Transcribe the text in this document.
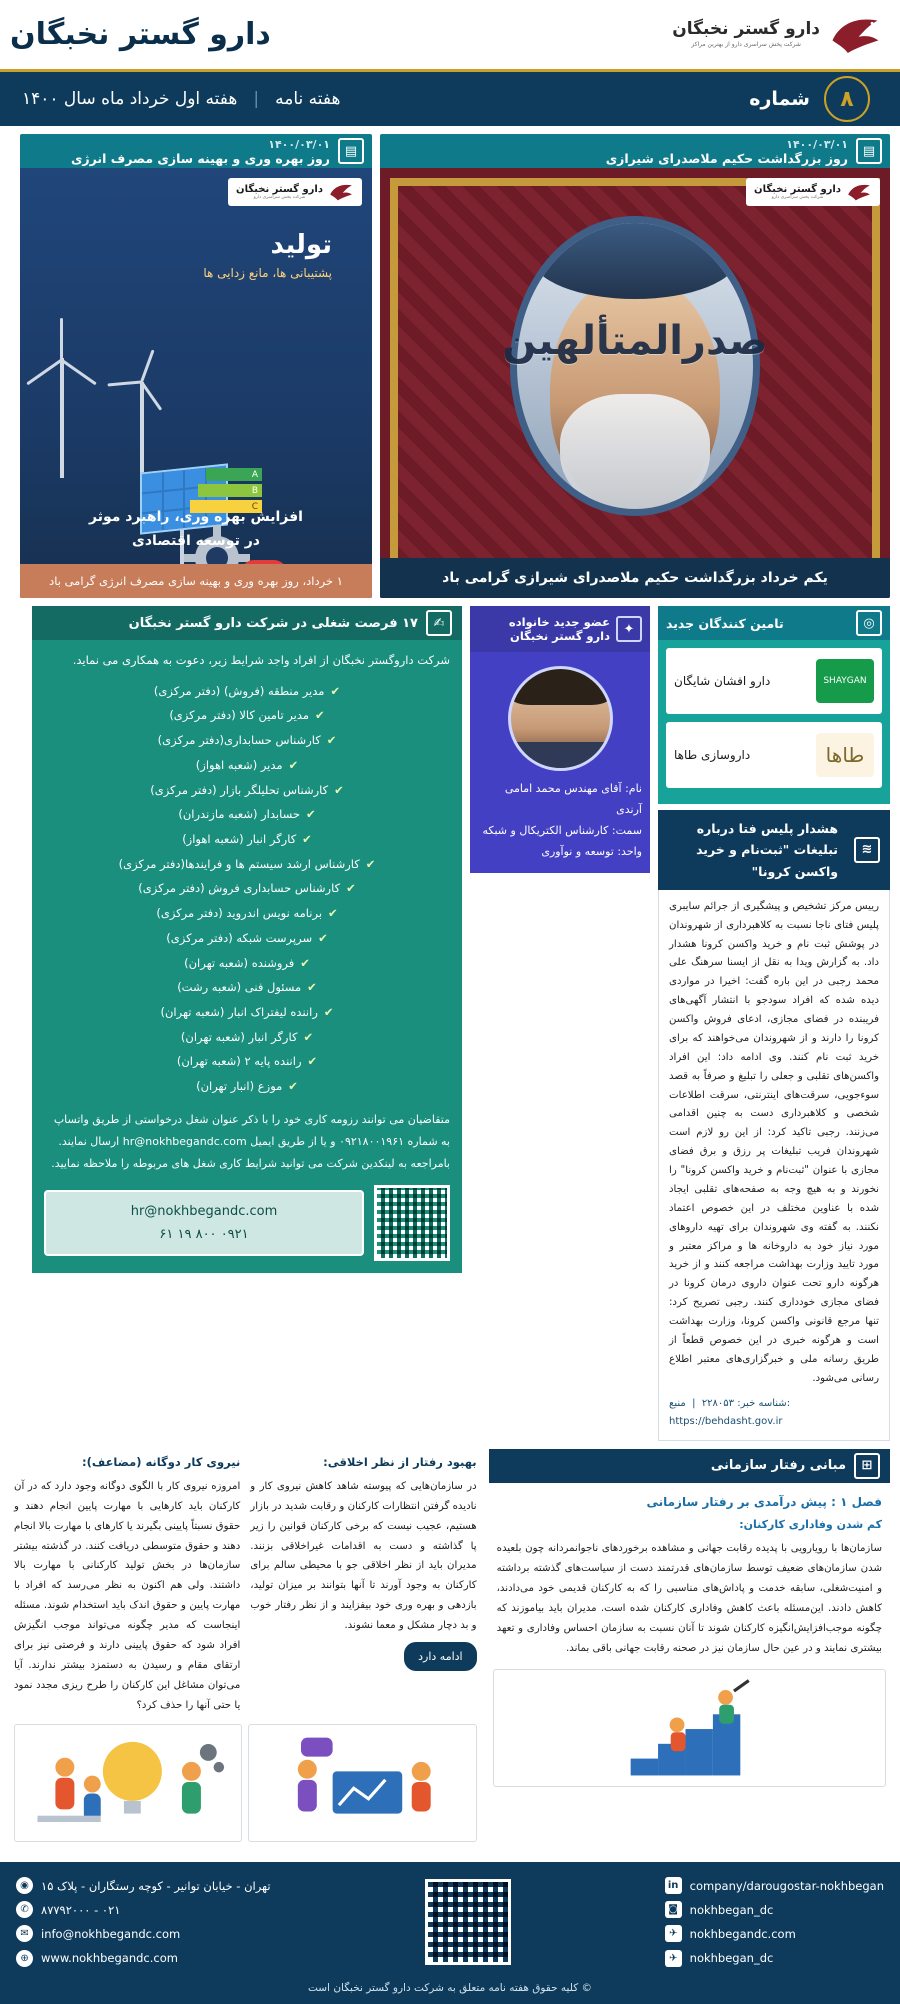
دارو گستر نخبگان
شرکت پخش سراسری دارو از بهترین مراکز
دارو گستر نخبگان
۸
شماره
هفته نامه
|
هفته اول خرداد ماه سال ۱۴۰۰
▤
۱۴۰۰/۰۳/۰۱
روز بزرگداشت حکیم ملاصدرای شیرازی
صدرالمتألهین
دارو گستر نخبگان
شرکت پخش سراسری دارو
یکم خرداد بزرگداشت حکیم ملاصدرای شیرازی گرامی باد
▤
۱۴۰۰/۰۳/۰۱
روز بهره وری و بهینه سازی مصرف انرژی
دارو گستر نخبگان
شرکت پخش سراسری دارو
تولید
پشتیبانی ها، مانع زدایی ها
A
B
C
افزایش بهره وری، راهبرد موثر
در توسعه اقتصادی
۱ خرداد، روز بهره وری و بهینه سازی مصرف انرژی گرامی باد
◎
تامین کنندگان جدید
SHAYGAN
دارو افشان شایگان
طاها
داروسازی طاها
≋
هشدار پلیس فتا درباره تبلیغات "ثبت‌نام و خرید واکسن کرونا"
رییس مرکز تشخیص و پیشگیری از جرائم سایبری پلیس فتای ناجا نسبت به کلاهبرداری از شهروندان در پوشش ثبت نام و خرید واکسن کرونا هشدار داد. به گزارش ویدا به نقل از ایسنا سرهنگ علی محمد رجبی در این باره گفت: اخیرا در مواردی دیده شده که افراد سودجو با انتشار آگهی‌های فریبنده در فضای مجازی، ادعای فروش واکسن کرونا را دارند و از شهروندان می‌خواهند که برای خرید ثبت نام کنند. وی ادامه داد: این افراد واکسن‌های تقلبی و جعلی را تبلیغ و صرفاً به قصد سوءجویی، سرقت‌های اینترنتی، سرقت اطلاعات شخصی و کلاهبرداری دست به چنین اقدامی می‌زنند. رجبی تاکید کرد: از این رو لازم است شهروندان فریب تبلیغات پر رزق و برق فضای مجازی با عنوان "ثبت‌نام و خرید واکسن کرونا" را نخورند و به هیچ وجه به صفحه‌های تقلبی ایجاد شده با عناوین مختلف در این خصوص اعتماد نکنند. به گفته وی شهروندان برای تهیه داروهای مورد نیاز خود به داروخانه ها و مراکز معتبر و مورد تایید وزارت بهداشت مراجعه کنند و از خرید هرگونه دارو تحت عنوان داروی درمان کرونا در فضای مجازی خودداری کنند. رجبی تصریح کرد: تنها مرجع قانونی واکسن کرونا، وزارت بهداشت است و هرگونه خبری در این خصوص قطعاً از طریق رسانه ملی و خبرگزاری‌های معتبر اطلاع رسانی می‌شود.
شناسه خبر: ۲۲۸۰۵۳  |  منبع: https://behdasht.gov.ir
✦
عضو جدید خانواده
دارو گستر نخبگان
نام: آقای مهندس محمد امامی آرندی
سمت: کارشناس الکتریکال و شبکه
واحد: توسعه و نوآوری
✍
۱۷ فرصت شغلی در شرکت دارو گستر نخبگان
شرکت داروگستر نخبگان از افراد واجد شرایط زیر، دعوت به همکاری می نماید.
✔
مدیر منطقه (فروش) (دفتر مرکزی)
✔
مدیر تامین کالا (دفتر مرکزی)
✔
کارشناس حسابداری(دفتر مرکزی)
✔
مدیر (شعبه اهواز)
✔
کارشناس تحلیلگر بازار (دفتر مرکزی)
✔
حسابدار (شعبه مازندران)
✔
کارگر انبار (شعبه اهواز)
✔
کارشناس ارشد سیستم ها و فرایندها(دفتر مرکزی)
✔
کارشناس حسابداری فروش (دفتر مرکزی)
✔
برنامه نویس اندروید (دفتر مرکزی)
✔
سرپرست شبکه (دفتر مرکزی)
✔
فروشنده (شعبه تهران)
✔
مسئول فنی (شعبه رشت)
✔
راننده لیفتراک انبار (شعبه تهران)
✔
کارگر انبار (شعبه تهران)
✔
راننده پایه ۲ (شعبه تهران)
✔
موزع (انبار تهران)
متقاضیان می توانند رزومه کاری خود را با ذکر عنوان شغل درخواستی از طریق واتساپ به شماره ۰۹۲۱۸۰۰۱۹۶۱ و یا از طریق ایمیل hr@nokhbegandc.com ارسال نمایند. بامراجعه به لینکدین شرکت می توانید شرایط کاری شغل های مربوطه را ملاحظه نمایید.
hr@nokhbegandc.com
۰۹۲۱ ۸۰۰ ۱۹ ۶۱
⊞
مبانی رفتار سازمانی
فصل ۱ : پیش درآمدی بر رفتار سازمانی
کم شدن وفاداری کارکنان:
سازمان‌ها با رویارویی با پدیده رقابت جهانی و مشاهده برخوردهای ناجوانمردانه چون بلعیده شدن سازمان‌های ضعیف توسط سازمان‌های قدرتمند دست از سیاست‌های گذشته برداشته و امنیت‌شغلی، سابقه خدمت و پاداش‌های مناسبی را که به کارکنان قدیمی خود می‌دادند، کاهش دادند. این‌مسئله باعث کاهش وفاداری کارکنان شده است. مدیران باید بیاموزند که چگونه موجب‌افزایش‌انگیزه کارکنان شوند تا آنان نسبت به سازمان احساس وفاداری و تعهد بیشتری نمایند و در عین حال سازمان نیز در صحنه رقابت جهانی باقی بماند.
بهبود رفتار از نظر اخلاقی:
در سازمان‌هایی که پیوسته شاهد کاهش نیروی کار و نادیده گرفتن انتظارات کارکنان و رقابت شدید در بازار هستیم، عجیب نیست که برخی کارکنان قوانین را زیر پا گذاشته و دست به اقدامات غیراخلاقی بزنند. مدیران باید از نظر اخلاقی جو با محیطی سالم برای کارکنان به وجود آورند تا آنها بتوانند بر میزان تولید، بازدهی و بهره وری خود بیفزایند و از نظر رفتار خوب و بد دچار مشکل و معما نشوند.
ادامه دارد
نیروی کار دوگانه (مضاعف):
امروزه نیروی کار با الگوی دوگانه وجود دارد که در آن کارکنان باید کارهایی با مهارت پایین انجام دهند و حقوق نسبتاً پایینی بگیرند یا کارهای با مهارت بالا انجام دهند و حقوق متوسطی دریافت کنند. در گذشته بیشتر سازمان‌ها در بخش تولید کارکنانی با مهارت بالا داشتند. ولی هم اکنون به نظر می‌رسد که افراد با مهارت پایین و حقوق اندک باید استخدام شوند. مسئله اینجاست که مدیر چگونه می‌تواند موجب انگیزش افراد شود که حقوق پایینی دارند و فرصتی نیز برای ارتقای مقام و رسیدن به دستمزد بیشتر ندارند. آیا می‌توان مشاغل این کارکنان را طرح ریزی مجدد نمود یا حتی آنها را حذف کرد؟
in company/darougostar-nokhbegan
◙	nokhbegan_dc
✈	nokhbegandc.com
✈	nokhbegan_dc
تهران - خیابان توانیر - کوچه رستگاران - پلاک ۱۵
◉
۰۲۱ - ۸۷۷۹۲۰۰۰
✆
info@nokhbegandc.com
✉
www.nokhbegandc.com
⊕
© کلیه حقوق هفته نامه متعلق به شرکت دارو گستر نخبگان است
